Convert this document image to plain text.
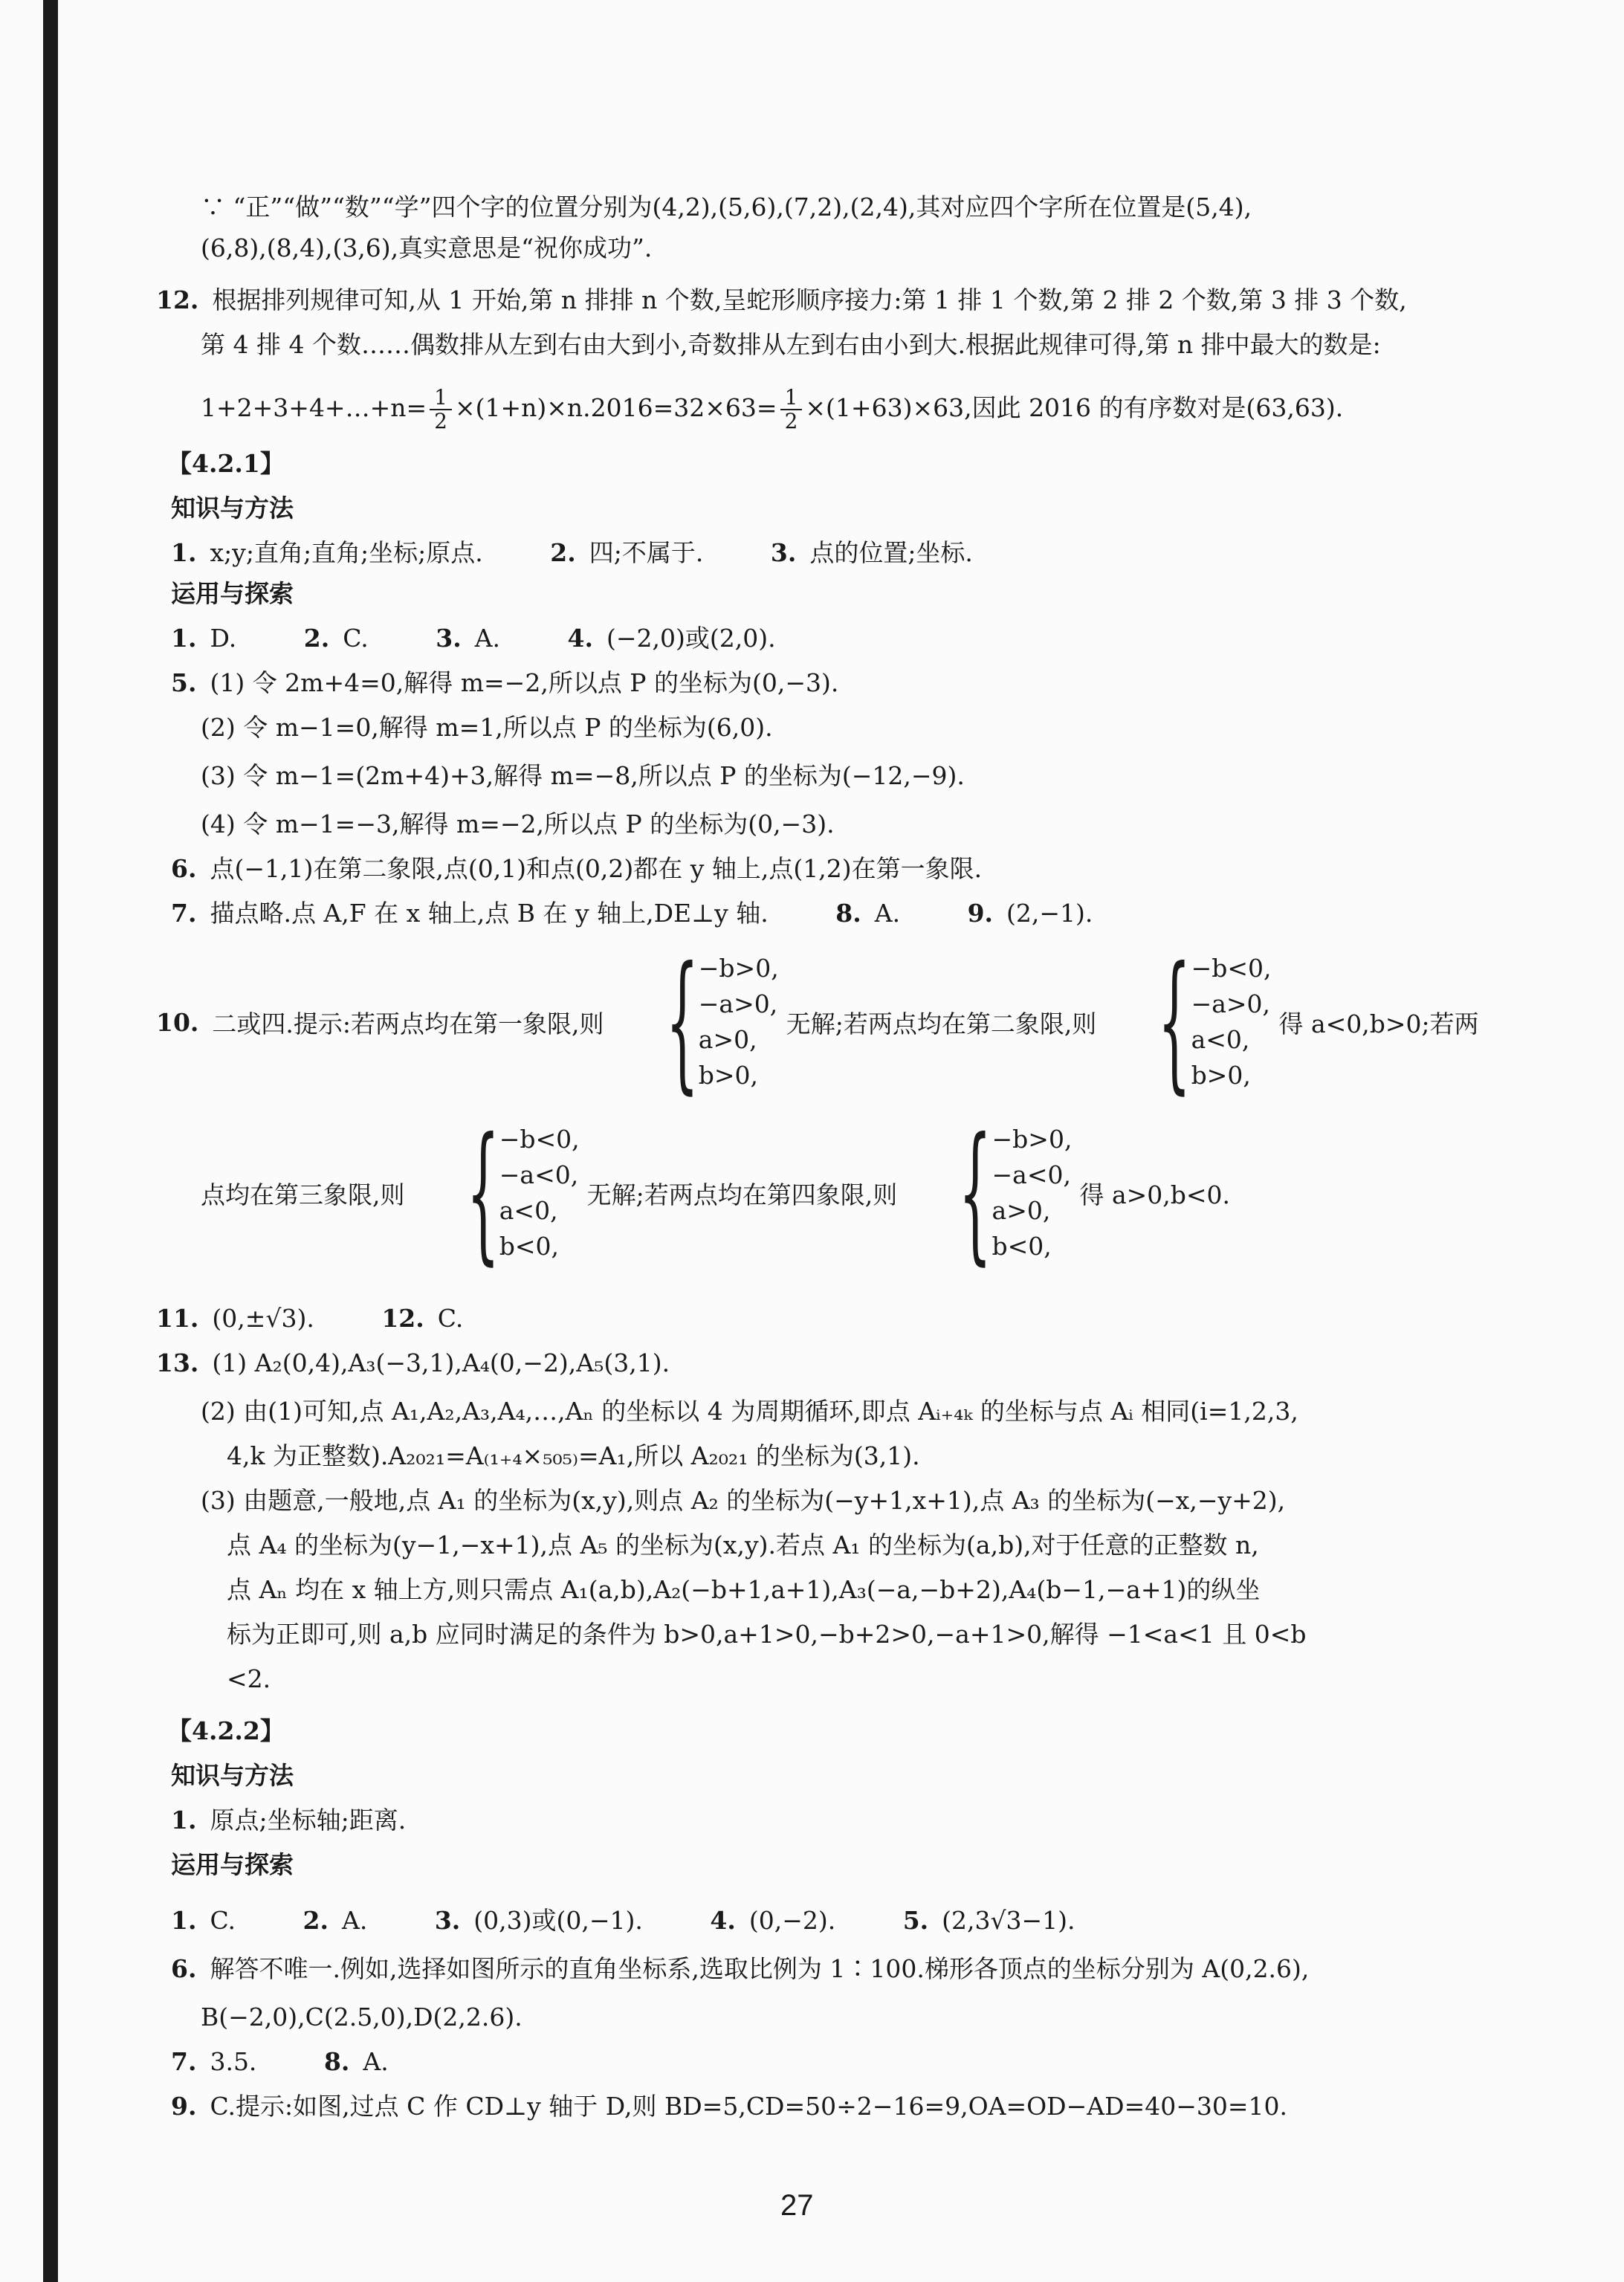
∵ “正”“做”“数”“学”四个字的位置分别为(4,2),(5,6),(7,2),(2,4),其对应四个字所在位置是(5,4),
(6,8),(8,4),(3,6),真实意思是“祝你成功”.
12. 根据排列规律可知,从 1 开始,第 n 排排 n 个数,呈蛇形顺序接力:第 1 排 1 个数,第 2 排 2 个数,第 3 排 3 个数,
第 4 排 4 个数……偶数排从左到右由大到小,奇数排从左到右由小到大.根据此规律可得,第 n 排中最大的数是:
1+2+3+4+…+n= $\frac{1}{2} \times(1+n)\times n.2016=32\times 63= \frac{1}{2} \times(1+63)\times 63$,因此 2016 的有序数对是(63,63).
【4.2.1】
知识与方法
1. x;y;直角;直角;坐标;原点.	2. 四;不属于.	3. 点的位置;坐标.
运用与探索
1. D.	2. C.	3. A.	4. (−2,0)或(2,0).
5. (1) 令 2m+4=0,解得 m=−2,所以点 P 的坐标为(0,−3).
(2) 令 m−1=0,解得 m=1,所以点 P 的坐标为(6,0).
(3) 令 m−1=(2m+4)+3,解得 m=−8,所以点 P 的坐标为(−12,−9).
(4) 令 m−1=−3,解得 m=−2,所以点 P 的坐标为(0,−3).
6. 点(−1,1)在第二象限,点(0,1)和点(0,2)都在 y 轴上,点(1,2)在第一象限.
7. 描点略.点 A,F 在 x 轴上,点 B 在 y 轴上,DE⊥y 轴.	8. A.	9. (2,−1).
10. 二或四.提示:若两点均在第一象限,则 { −b>0,
−a>0,
a>0,
b>0,
无解;若两点均在第二象限,则 { −b<0,
−a>0,
a<0,
b>0,
得 a<0,b>0;若两
点均在第三象限,则 { −b<0,
−a<0,
a<0,
b<0,
无解;若两点均在第四象限,则 { −b>0,
−a<0,
a>0,
b<0,
得 a>0,b<0.
11. (0,±√3).	12. C.
13. (1) A₂(0,4),A₃(−3,1),A₄(0,−2),A₅(3,1).
(2) 由(1)可知,点 A₁,A₂,A₃,A₄,…,Aₙ 的坐标以 4 为周期循环,即点 Aᵢ₊₄ₖ 的坐标与点 Aᵢ 相同(i=1,2,3,
4,k 为正整数).A₂₀₂₁=A₍₁₊₄×₅₀₅₎=A₁,所以 A₂₀₂₁ 的坐标为(3,1).
(3) 由题意,一般地,点 A₁ 的坐标为(x,y),则点 A₂ 的坐标为(−y+1,x+1),点 A₃ 的坐标为(−x,−y+2),
点 A₄ 的坐标为(y−1,−x+1),点 A₅ 的坐标为(x,y).若点 A₁ 的坐标为(a,b),对于任意的正整数 n,
点 Aₙ 均在 x 轴上方,则只需点 A₁(a,b),A₂(−b+1,a+1),A₃(−a,−b+2),A₄(b−1,−a+1)的纵坐
标为正即可,则 a,b 应同时满足的条件为 b>0,a+1>0,−b+2>0,−a+1>0,解得 −1<a<1 且 0<b
<2.
【4.2.2】
知识与方法
1. 原点;坐标轴;距离.
运用与探索
1. C.	2. A.	3. (0,3)或(0,−1).	4. (0,−2).	5. (2,3√3−1).
6. 解答不唯一.例如,选择如图所示的直角坐标系,选取比例为 1∶100.梯形各顶点的坐标分别为 A(0,2.6),
B(−2,0),C(2.5,0),D(2,2.6).
7. 3.5.	8. A.
9. C.提示:如图,过点 C 作 CD⊥y 轴于 D,则 BD=5,CD=50÷2−16=9,OA=OD−AD=40−30=10.
27
